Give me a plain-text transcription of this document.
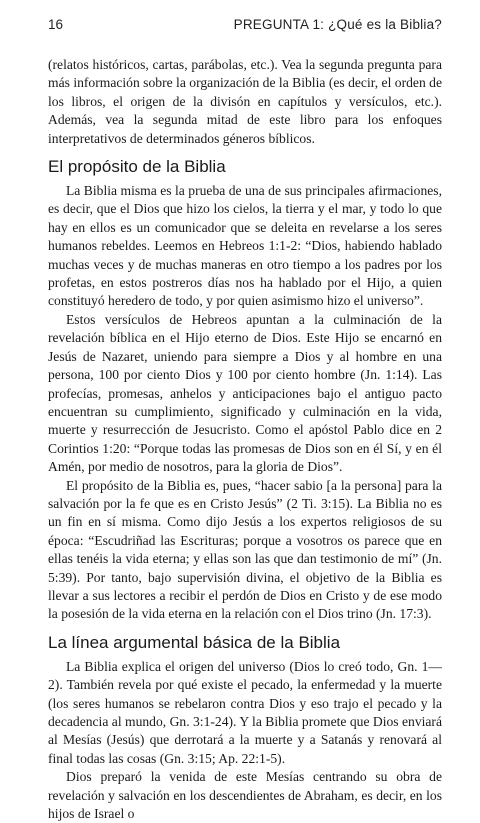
16	PREGUNTA 1: ¿Qué es la Biblia?

(relatos históricos, cartas, parábolas, etc.). Vea la segunda pregunta para más información sobre la organización de la Biblia (es decir, el orden de los libros, el origen de la divisón en capítulos y versículos, etc.). Además, vea la segunda mitad de este libro para los enfoques interpretativos de determinados géneros bíblicos.

El propósito de la Biblia

La Biblia misma es la prueba de una de sus principales afirmaciones, es decir, que el Dios que hizo los cielos, la tierra y el mar, y todo lo que hay en ellos es un comunicador que se deleita en revelarse a los seres humanos rebeldes. Leemos en Hebreos 1:1-2: “Dios, habiendo hablado muchas veces y de muchas maneras en otro tiempo a los padres por los profetas, en estos postreros días nos ha hablado por el Hijo, a quien constituyó heredero de todo, y por quien asimismo hizo el universo”.

Estos versículos de Hebreos apuntan a la culminación de la revelación bíblica en el Hijo eterno de Dios. Este Hijo se encarnó en Jesús de Nazaret, uniendo para siempre a Dios y al hombre en una persona, 100 por ciento Dios y 100 por ciento hombre (Jn. 1:14). Las profecías, promesas, anhelos y anticipaciones bajo el antiguo pacto encuentran su cumplimiento, significado y culminación en la vida, muerte y resurrección de Jesucristo. Como el apóstol Pablo dice en 2 Corintios 1:20: “Porque todas las promesas de Dios son en él Sí, y en él Amén, por medio de nosotros, para la gloria de Dios”.

El propósito de la Biblia es, pues, “hacer sabio [a la persona] para la salvación por la fe que es en Cristo Jesús” (2 Ti. 3:15). La Biblia no es un fin en sí misma. Como dijo Jesús a los expertos religiosos de su época: “Escudriñad las Escrituras; porque a vosotros os parece que en ellas tenéis la vida eterna; y ellas son las que dan testimonio de mí” (Jn. 5:39). Por tanto, bajo supervisión divina, el objetivo de la Biblia es llevar a sus lectores a recibir el perdón de Dios en Cristo y de ese modo la posesión de la vida eterna en la relación con el Dios trino (Jn. 17:3).

La línea argumental básica de la Biblia

La Biblia explica el origen del universo (Dios lo creó todo, Gn. 1—2). También revela por qué existe el pecado, la enfermedad y la muerte (los seres humanos se rebelaron contra Dios y eso trajo el pecado y la decadencia al mundo, Gn. 3:1-24). Y la Biblia promete que Dios enviará al Mesías (Jesús) que derrotará a la muerte y a Satanás y renovará al final todas las cosas (Gn. 3:15; Ap. 22:1-5).

Dios preparó la venida de este Mesías centrando su obra de revelación y salvación en los descendientes de Abraham, es decir, en los hijos de Israel o
